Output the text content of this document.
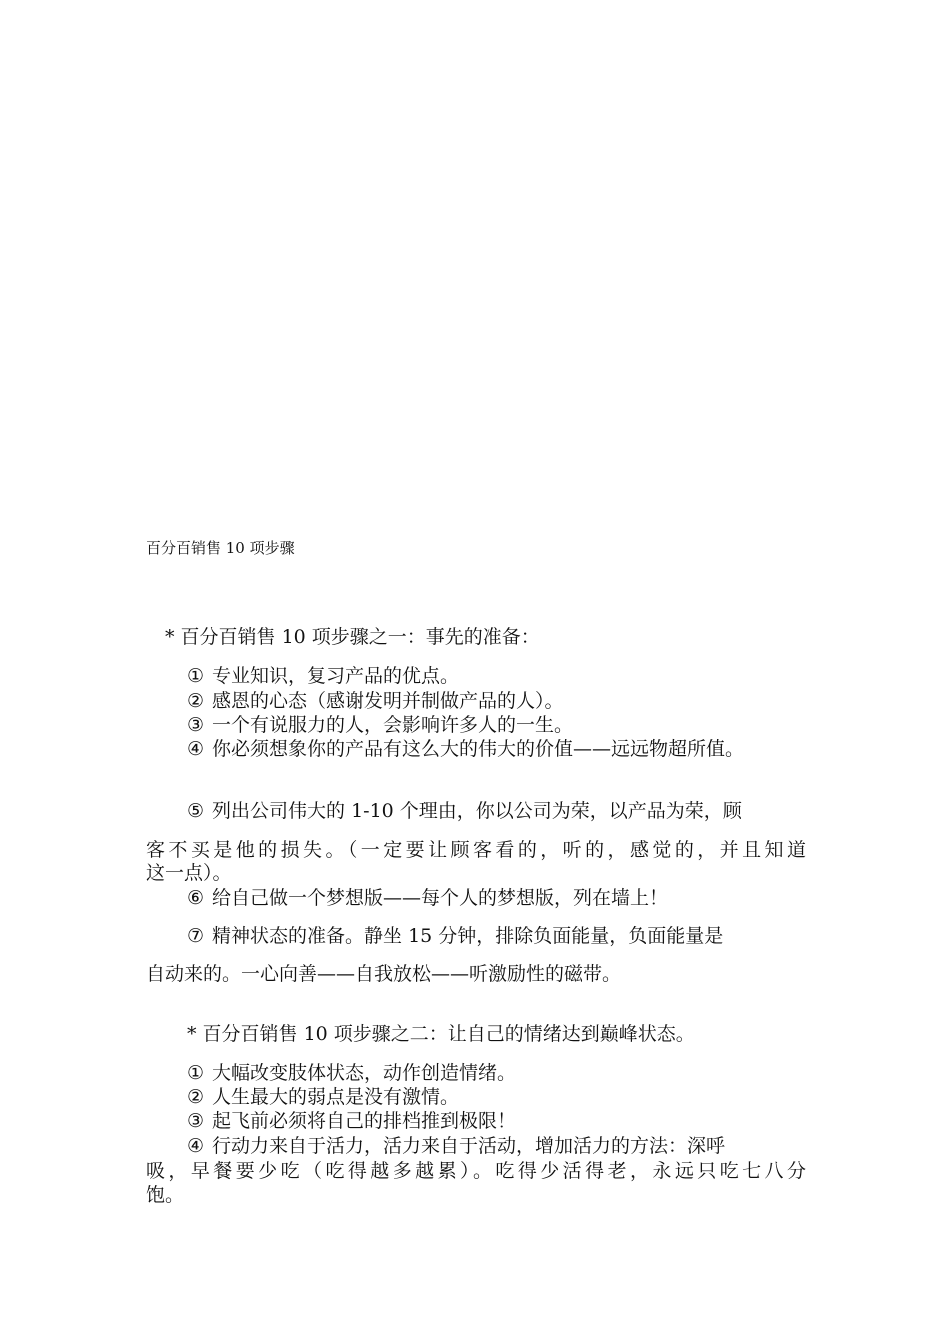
百分百销售 10 项步骤
* 百分百销售 10 项步骤之一：事先的准备：
① 专业知识，复习产品的优点。
② 感恩的心态（感谢发明并制做产品的人）。
③ 一个有说服力的人，会影响许多人的一生。
④ 你必须想象你的产品有这么大的伟大的价值——远远物超所值。
⑤ 列出公司伟大的 1-10 个理由，你以公司为荣，以产品为荣，顾
客不买是他的损失。（一定要让顾客看的，听的，感觉的，并且知道
这一点）。
⑥ 给自己做一个梦想版——每个人的梦想版，列在墙上！
⑦ 精神状态的准备。静坐 15 分钟，排除负面能量，负面能量是
自动来的。一心向善——自我放松——听激励性的磁带。
* 百分百销售 10 项步骤之二：让自己的情绪达到巅峰状态。
① 大幅改变肢体状态，动作创造情绪。
② 人生最大的弱点是没有激情。
③ 起飞前必须将自己的排档推到极限！
④ 行动力来自于活力，活力来自于活动，增加活力的方法：深呼
吸，早餐要少吃（吃得越多越累）。吃得少活得老，永远只吃七八分
饱。
